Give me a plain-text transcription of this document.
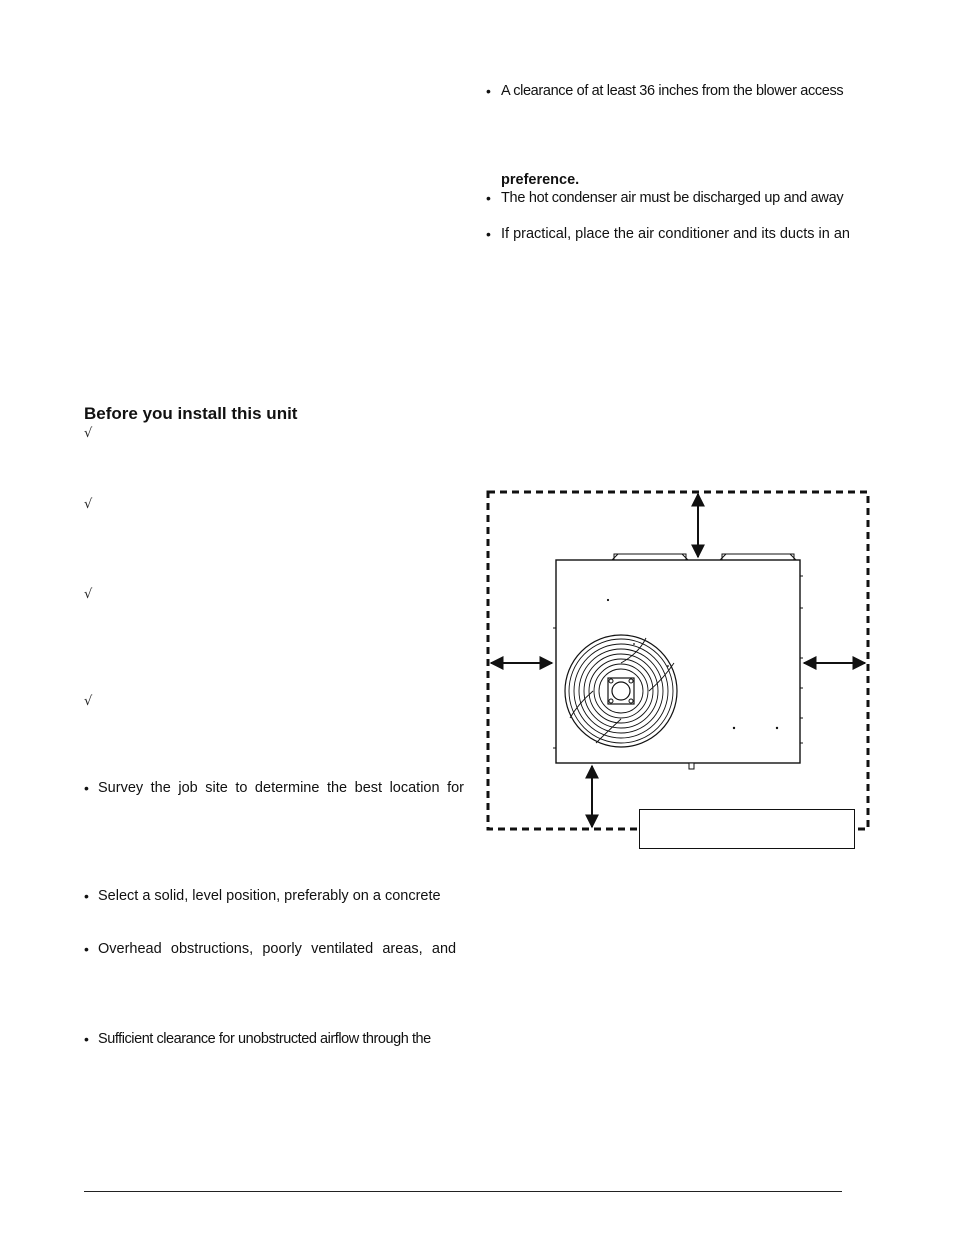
• A clearance of at least 36 inches from the blower access
preference.
• The hot condenser air must be discharged up and away
• If practical, place the air conditioner and its ducts in an
Before you install this unit
√
√
√
√
• Survey the job site to determine the best location for
• Select a solid, level position, preferably on a concrete
• Overhead obstructions, poorly ventilated areas, and
• Sufficient clearance for unobstructed airflow through the
